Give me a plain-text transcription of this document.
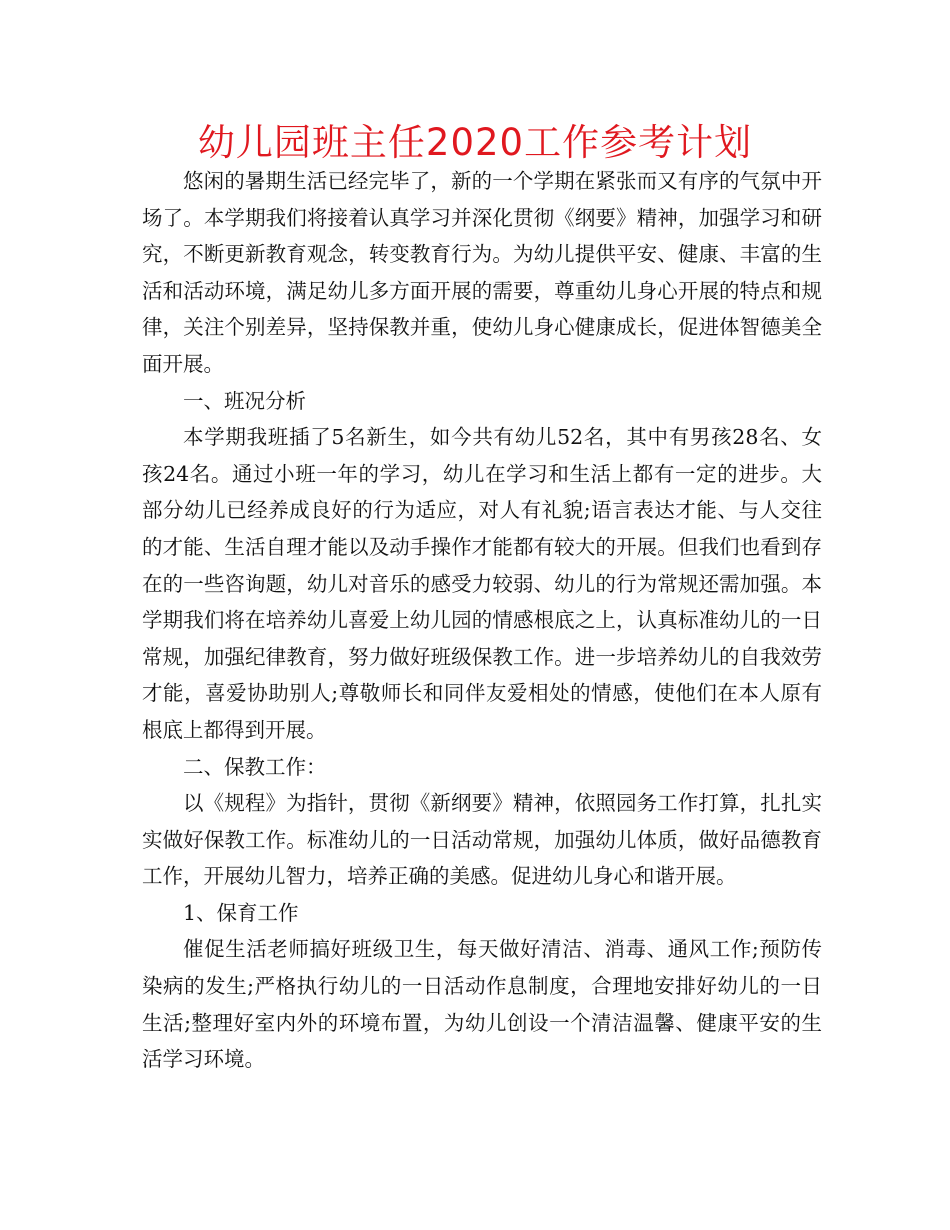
幼儿园班主任2020工作参考计划

悠闲的暑期生活已经完毕了，新的一个学期在紧张而又有序的气氛中开场了。本学期我们将接着认真学习并深化贯彻《纲要》精神，加强学习和研究，不断更新教育观念，转变教育行为。为幼儿提供平安、健康、丰富的生活和活动环境，满足幼儿多方面开展的需要，尊重幼儿身心开展的特点和规律，关注个别差异，坚持保教并重，使幼儿身心健康成长，促进体智德美全面开展。

一、班况分析

本学期我班插了5名新生，如今共有幼儿52名，其中有男孩28名、女孩24名。通过小班一年的学习，幼儿在学习和生活上都有一定的进步。大部分幼儿已经养成良好的行为适应，对人有礼貌;语言表达才能、与人交往的才能、生活自理才能以及动手操作才能都有较大的开展。但我们也看到存在的一些咨询题，幼儿对音乐的感受力较弱、幼儿的行为常规还需加强。本学期我们将在培养幼儿喜爱上幼儿园的情感根底之上，认真标准幼儿的一日常规，加强纪律教育，努力做好班级保教工作。进一步培养幼儿的自我效劳才能，喜爱协助别人;尊敬师长和同伴友爱相处的情感，使他们在本人原有根底上都得到开展。

二、保教工作：

以《规程》为指针，贯彻《新纲要》精神，依照园务工作打算，扎扎实实做好保教工作。标准幼儿的一日活动常规，加强幼儿体质，做好品德教育工作，开展幼儿智力，培养正确的美感。促进幼儿身心和谐开展。

1、保育工作

催促生活老师搞好班级卫生，每天做好清洁、消毒、通风工作;预防传染病的发生;严格执行幼儿的一日活动作息制度，合理地安排好幼儿的一日生活;整理好室内外的环境布置，为幼儿创设一个清洁温馨、健康平安的生活学习环境。
